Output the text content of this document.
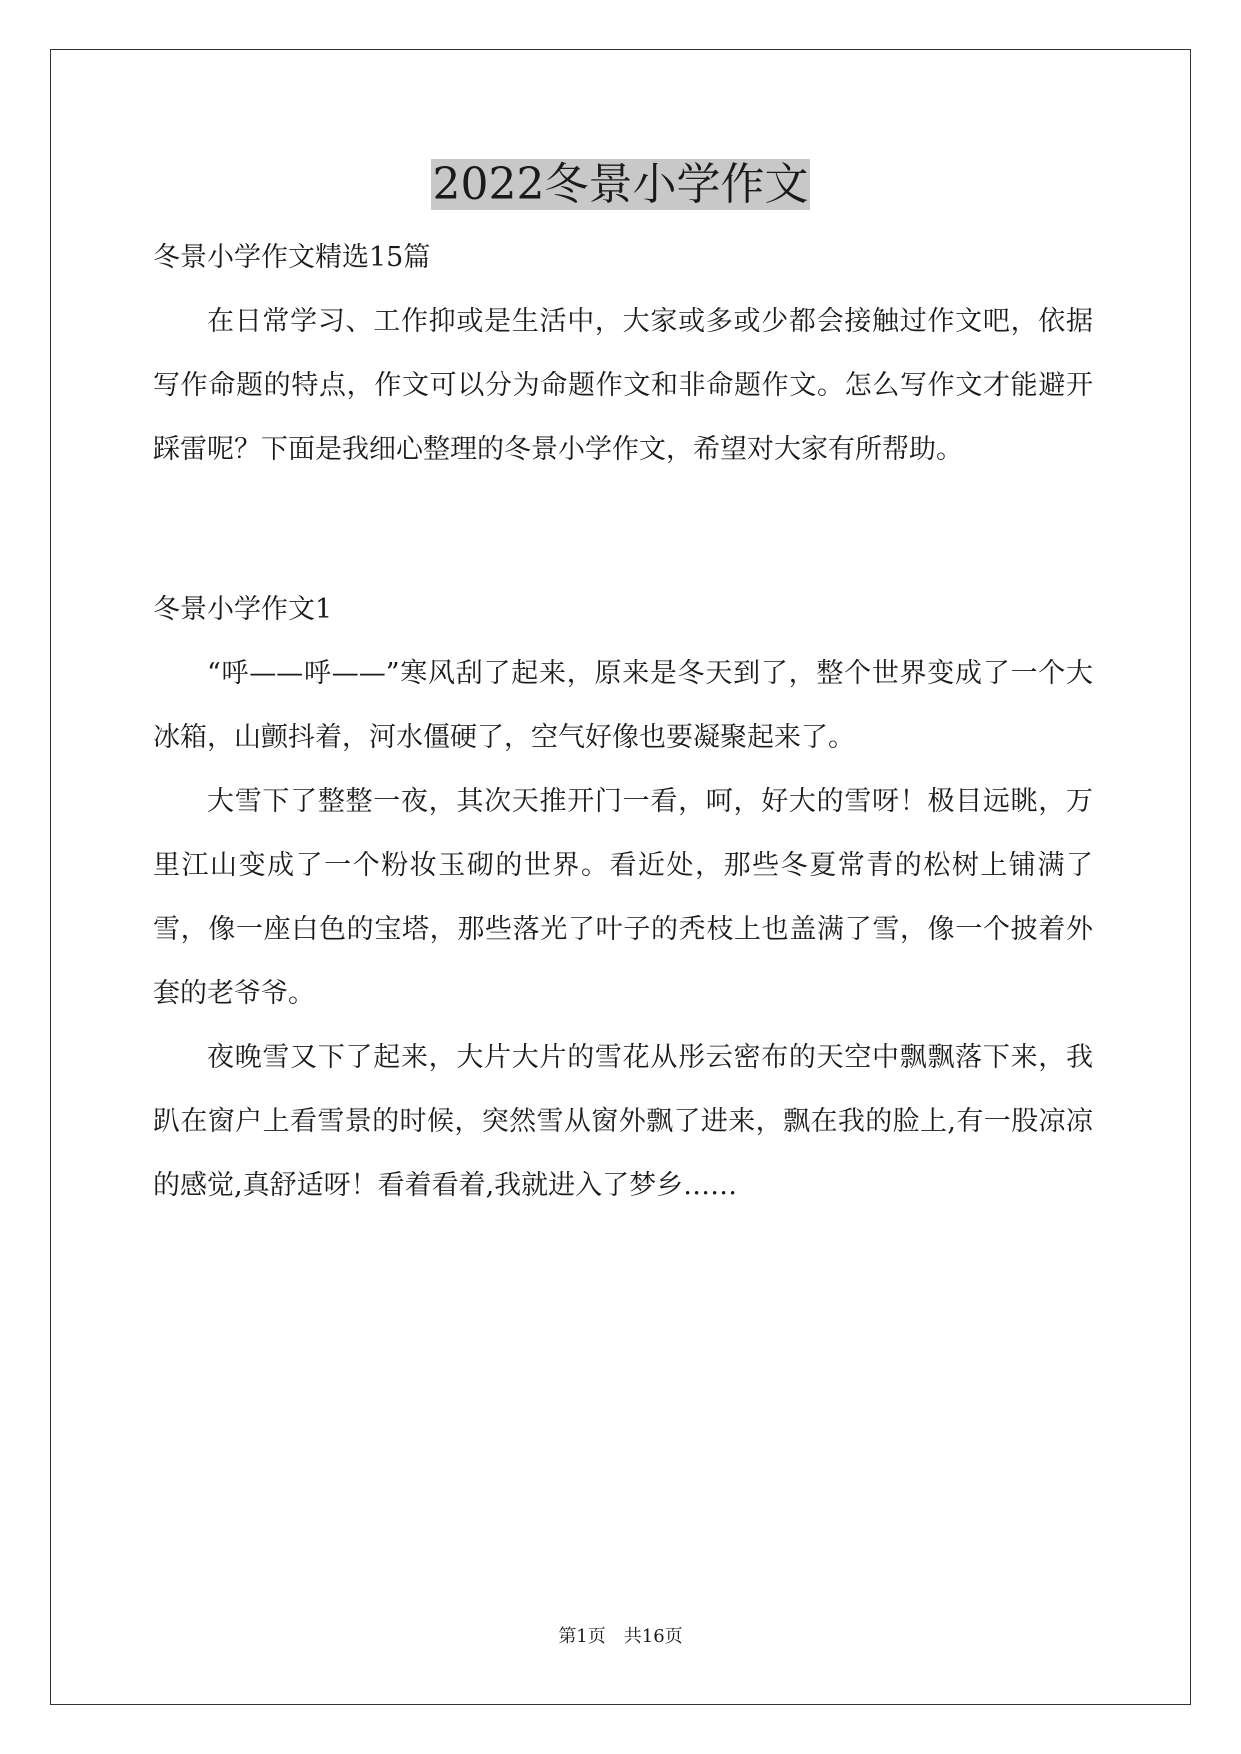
2022冬景小学作文

冬景小学作文精选15篇

在日常学习、工作抑或是生活中，大家或多或少都会接触过作文吧，依据写作命题的特点，作文可以分为命题作文和非命题作文。怎么写作文才能避开踩雷呢？下面是我细心整理的冬景小学作文，希望对大家有所帮助。

冬景小学作文1

“呼——呼——”寒风刮了起来，原来是冬天到了，整个世界变成了一个大冰箱，山颤抖着，河水僵硬了，空气好像也要凝聚起来了。

大雪下了整整一夜，其次天推开门一看，呵，好大的雪呀！极目远眺，万里江山变成了一个粉妆玉砌的世界。看近处，那些冬夏常青的松树上铺满了雪，像一座白色的宝塔，那些落光了叶子的秃枝上也盖满了雪，像一个披着外套的老爷爷。

夜晚雪又下了起来，大片大片的雪花从彤云密布的天空中飘飘落下来，我趴在窗户上看雪景的时候，突然雪从窗外飘了进来，飘在我的脸上,有一股凉凉的感觉,真舒适呀！看着看着,我就进入了梦乡……

第1页 共16页
